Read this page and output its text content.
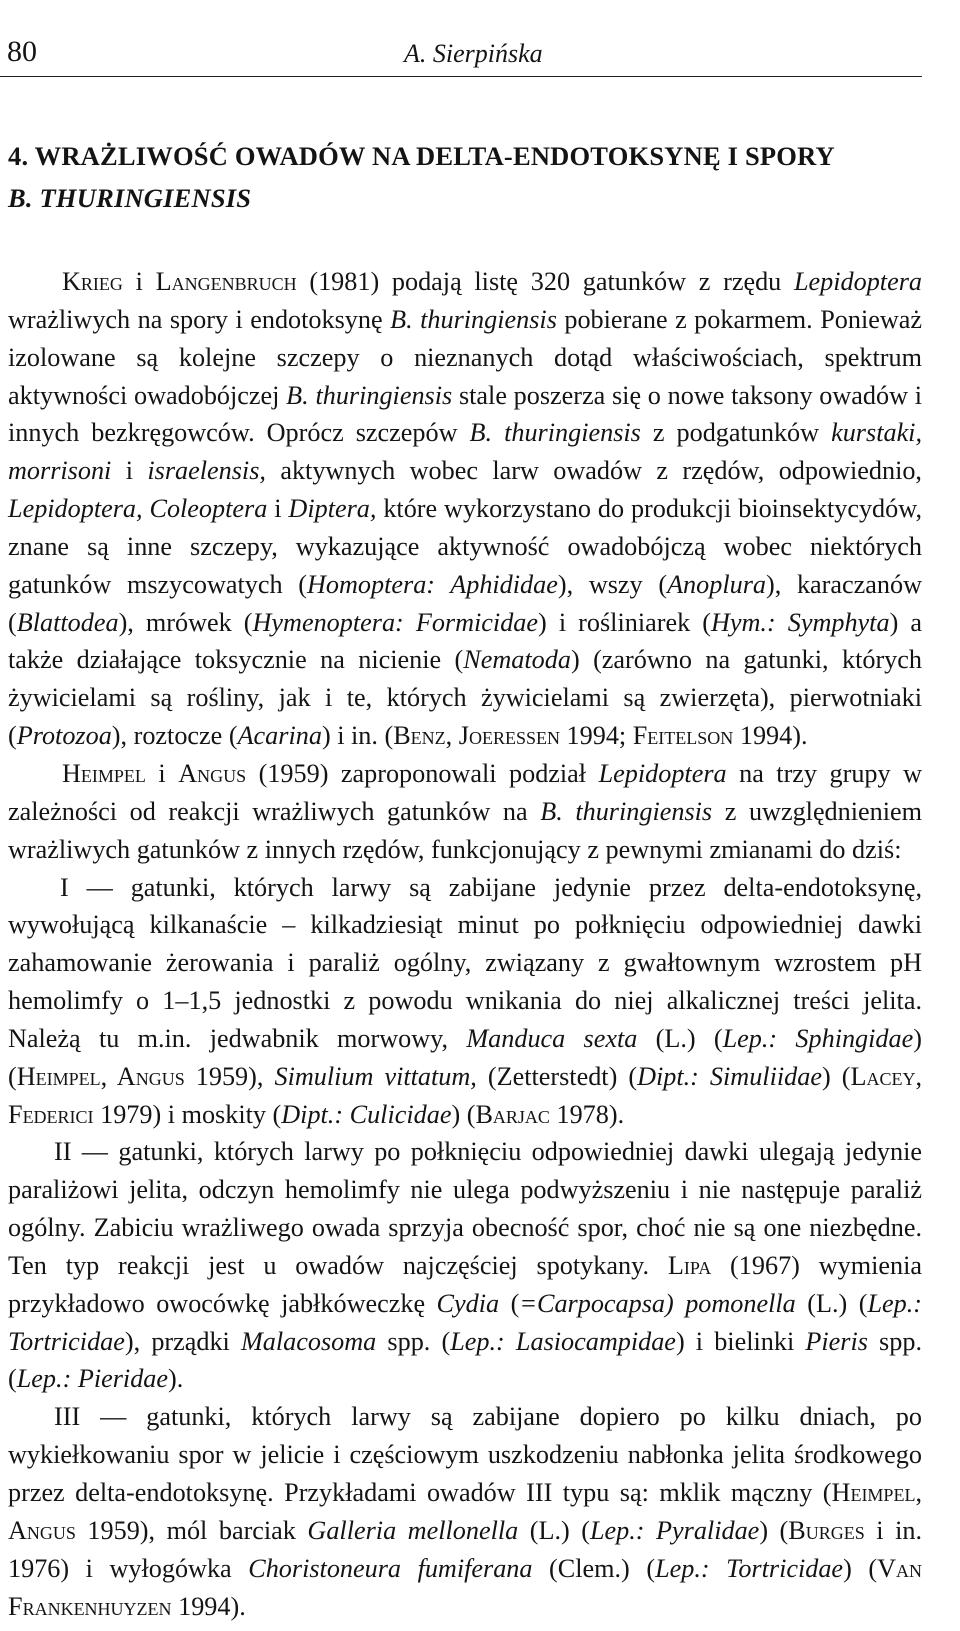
80	A. Sierpińska
4. WRAŻLIWOŚĆ OWADÓW NA DELTA-ENDOTOKSYNĘ I SPORY
B. THURINGIENSIS

Krieg i Langenbruch (1981) podają listę 320 gatunków z rzędu Lepidoptera wrażliwych na spory i endotoksynę B. thuringiensis pobierane z pokarmem. Ponieważ izolowane są kolejne szczepy o nieznanych dotąd właściwościach, spektrum aktywności owadobójczej B. thuringiensis stale poszerza się o nowe taksony owadów i innych bezkręgowców. Oprócz szczepów B. thuringiensis z podgatunków kurstaki, morrisoni i israelensis, aktywnych wobec larw owadów z rzędów, odpowiednio, Lepidoptera, Coleoptera i Diptera, które wykorzystano do produkcji bioinsektycydów, znane są inne szczepy, wykazujące aktywność owadobójczą wobec niektórych gatunków mszycowatych (Homoptera: Aphididae), wszy (Anoplura), karaczanów (Blattodea), mrówek (Hymenoptera: Formicidae) i rośliniarek (Hym.: Symphyta) a także działające toksycznie na nicienie (Nematoda) (zarówno na gatunki, których żywicielami są rośliny, jak i te, których żywicielami są zwierzęta), pierwotniaki (Protozoa), roztocze (Acarina) i in. (Benz, Joeressen 1994; Feitelson 1994).

Heimpel i Angus (1959) zaproponowali podział Lepidoptera na trzy grupy w zależności od reakcji wrażliwych gatunków na B. thuringiensis z uwzględnieniem wrażliwych gatunków z innych rzędów, funkcjonujący z pewnymi zmianami do dziś:

I — gatunki, których larwy są zabijane jedynie przez delta-endotoksynę, wywołującą kilkanaście – kilkadziesiąt minut po połknięciu odpowiedniej dawki zahamowanie żerowania i paraliż ogólny, związany z gwałtownym wzrostem pH hemolimfy o 1–1,5 jednostki z powodu wnikania do niej alkalicznej treści jelita. Należą tu m.in. jedwabnik morwowy, Manduca sexta (L.) (Lep.: Sphingidae) (Heimpel, Angus 1959), Simulium vittatum, (Zetterstedt) (Dipt.: Simuliidae) (Lacey, Federici 1979) i moskity (Dipt.: Culicidae) (Barjac 1978).

II — gatunki, których larwy po połknięciu odpowiedniej dawki ulegają jedynie paraliżowi jelita, odczyn hemolimfy nie ulega podwyższeniu i nie następuje paraliż ogólny. Zabiciu wrażliwego owada sprzyja obecność spor, choć nie są one niezbędne. Ten typ reakcji jest u owadów najczęściej spotykany. Lipa (1967) wymienia przykładowo owocówkę jabłkóweczkę Cydia (=Carpocapsa) pomonella (L.) (Lep.: Tortricidae), prządki Malacosoma spp. (Lep.: Lasiocampidae) i bielinki Pieris spp. (Lep.: Pieridae).

III — gatunki, których larwy są zabijane dopiero po kilku dniach, po wykiełkowaniu spor w jelicie i częściowym uszkodzeniu nabłonka jelita środkowego przez delta-endotoksynę. Przykładami owadów III typu są: mklik mączny (Heimpel, Angus 1959), mól barciak Galleria mellonella (L.) (Lep.: Pyralidae) (Burges i in. 1976) i wyłogówka Choristoneura fumiferana (Clem.) (Lep.: Tortricidae) (Van Frankenhuyzen 1994).
